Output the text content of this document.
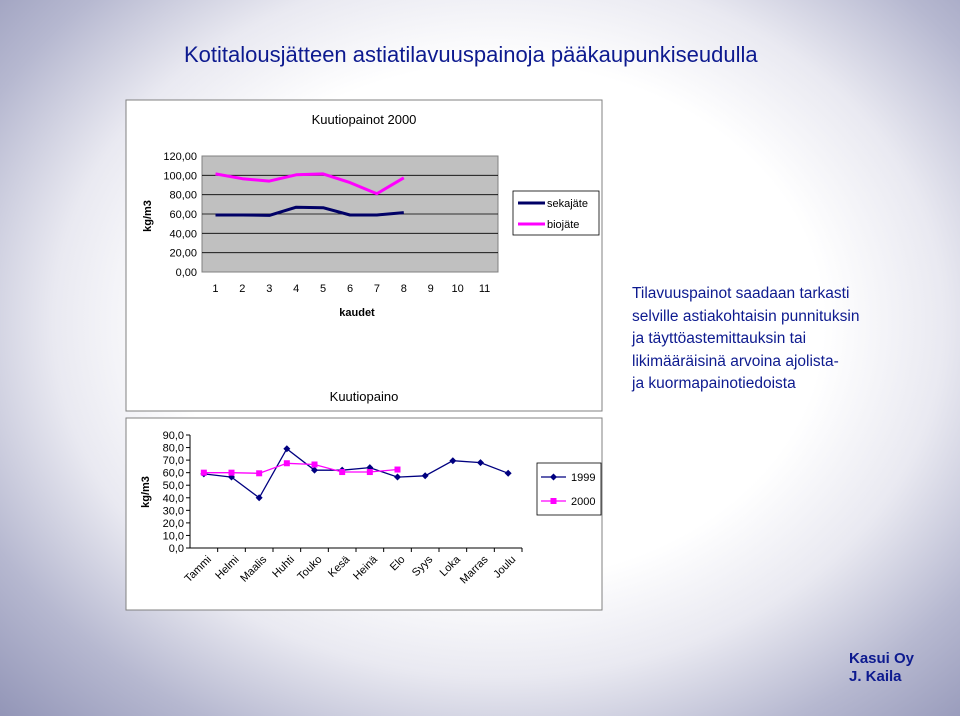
Kotitalousjätteen astiatilavuuspainoja pääkaupunkiseudulla
Tilavuuspainot saadaan tarkasti
selville astiakohtaisin punnituksin
ja täyttöastemittauksin tai
likimääräisinä arvoina ajolista-
ja kuormapainotiedoista
Kasui Oy
J. Kaila
Kuutiopainot 2000
0,00
20,00
40,00
60,00
80,00
100,00
120,00
1 2 3 4 5 6 7 8 9 10 11
kaudet
kg/m3
Kuutiopaino
sekajäte
biojäte
0,0
10,0
20,0
30,0
40,0
50,0
60,0
70,0
80,0
90,0
Tammi Helmi
Maalis Huhti
Touko Kesä
Heinä Elo Syys Loka
Marras Joulu
kg/m3	1999
2000
